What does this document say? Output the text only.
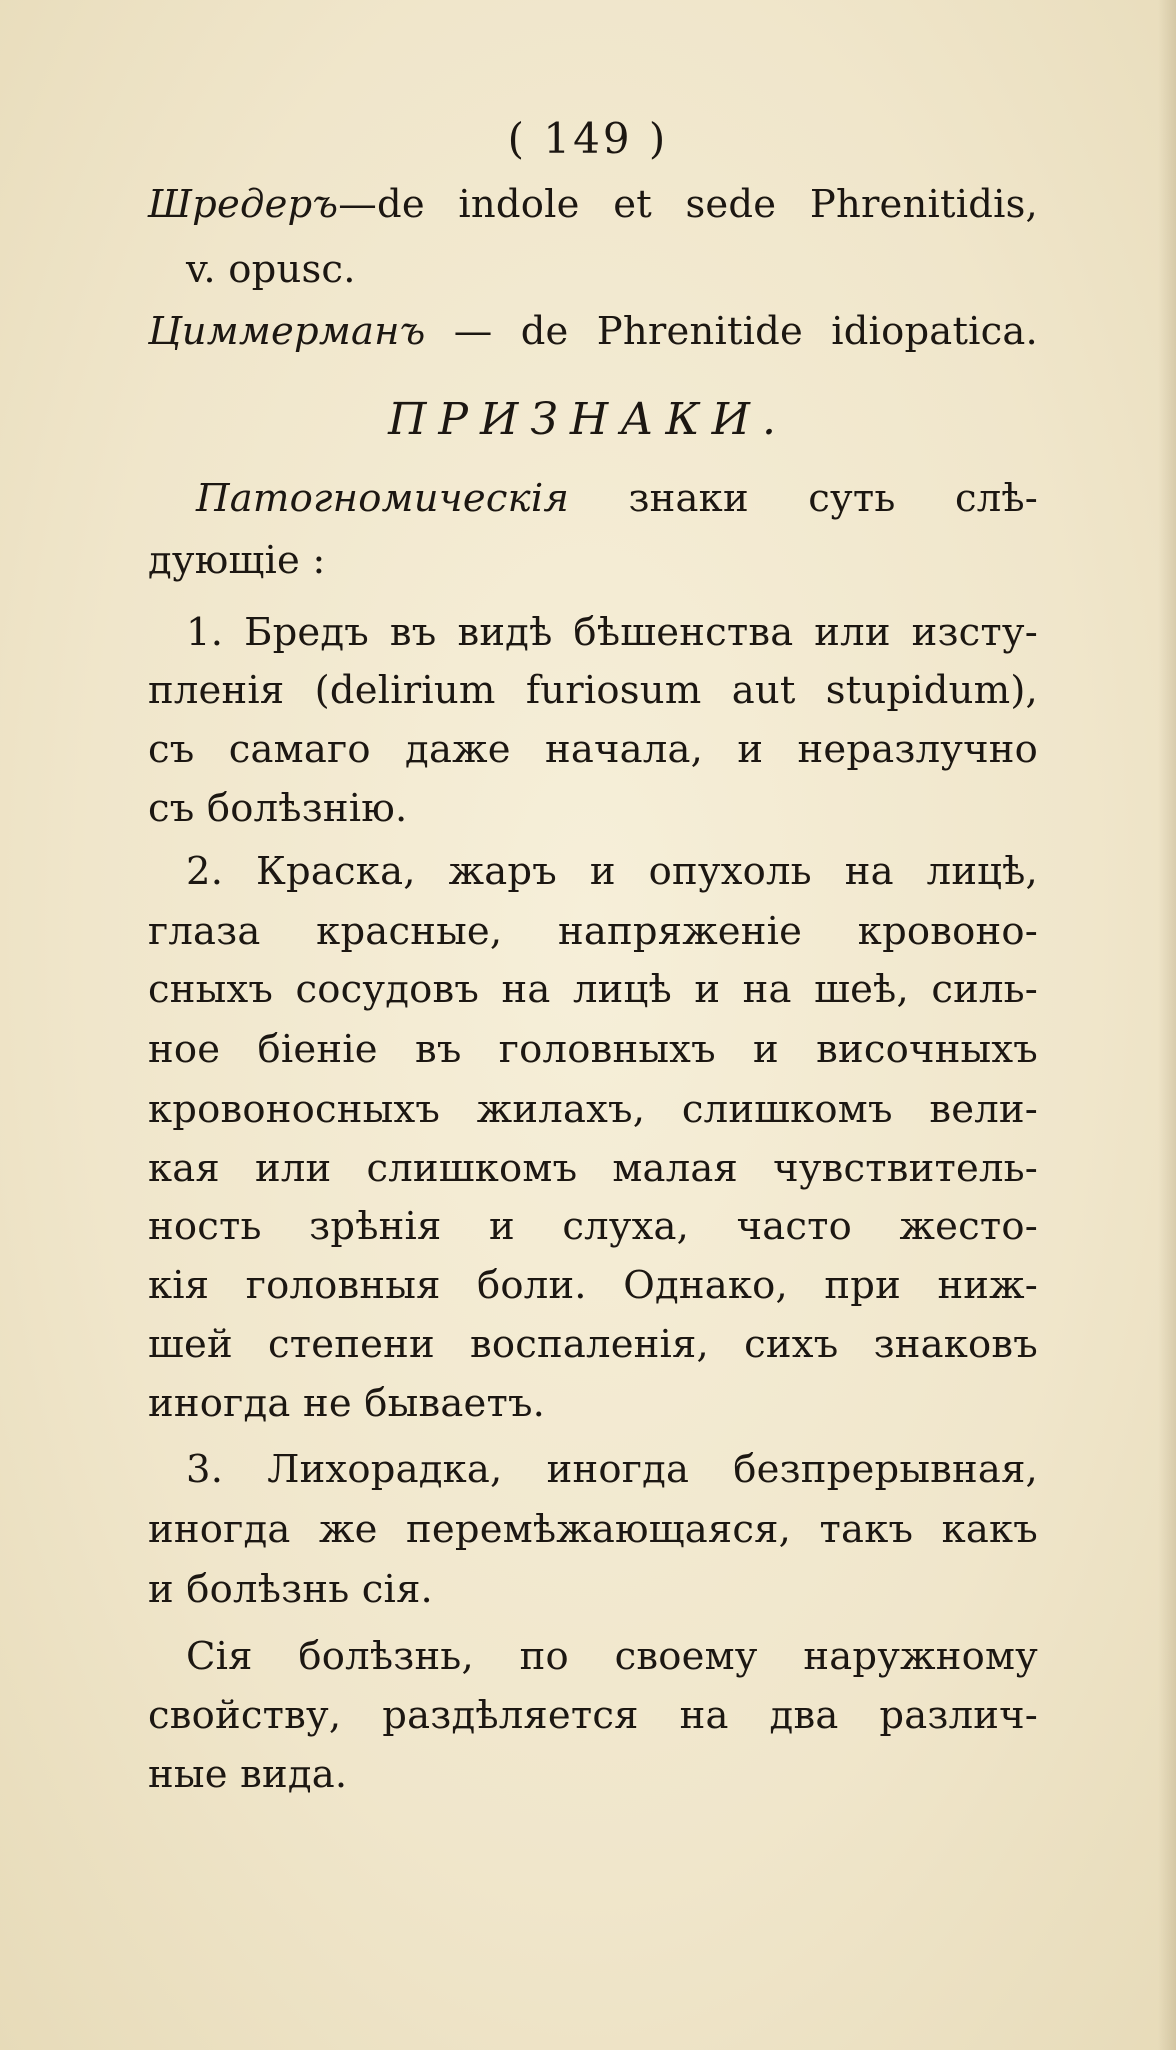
( 149 )
Шредеръ—de indole et sede Phrenitidis,
v. opusc.
Циммерманъ — de Phrenitide idiopatica.
ПРИЗНАКИ.
Патогномическія знаки суть слѣ-
дующіе :
1. Бредъ въ видѣ бѣшенства или изсту-
пленія (delirium furiosum aut stupidum),
съ самаго даже начала, и неразлучно
съ болѣзнію.
2. Краска, жаръ и опухоль на лицѣ,
глаза красные, напряженіе кровоно-
сныхъ сосудовъ на лицѣ и на шеѣ, силь-
ное біеніе въ головныхъ и височныхъ
кровоносныхъ жилахъ, слишкомъ вели-
кая или слишкомъ малая чувствитель-
ность зрѣнія и слуха, часто жесто-
кія головныя боли. Однако, при ниж-
шей степени воспаленія, сихъ знаковъ
иногда не бываетъ.
3. Лихорадка, иногда безпрерывная,
иногда же перемѣжающаяся, такъ какъ
и болѣзнь сія.
Сія болѣзнь, по своему наружному
свойству, раздѣляется на два различ-
ные вида.
